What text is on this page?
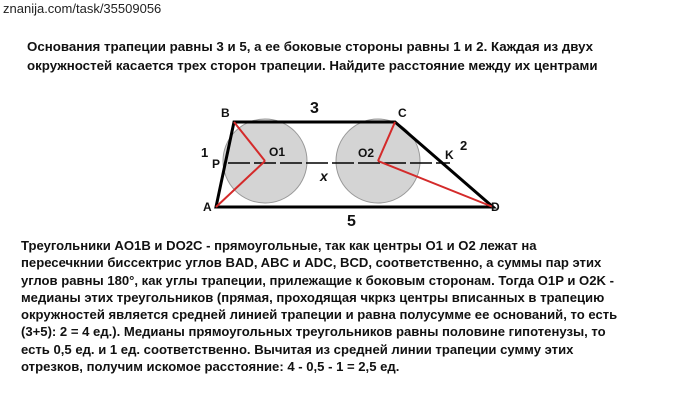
znanija.com/task/35509056
Основания трапеции равны 3 и 5, а ее боковые стороны равны 1 и 2. Каждая из двух
окружностей касается трех сторон трапеции. Найдите расстояние между их центрами
B	C
A	D
P
K
O1	O2
3
5
1	2
x
Треугольники AO1B и DO2C - прямоугольные, так как центры O1 и O2 лежат на
пересечкнии биссектрис углов BAD, ABC и ADC, BCD, соответственно, а суммы пар этих
углов равны 180°, как углы трапеции, прилежащие к боковым сторонам. Тогда O1P и O2K -
медианы этих треугольников (прямая, проходящая чкркз центры вписанных в трапецию
окружностей является средней линией трапеции и равна полусумме ее оснований, то есть
(3+5): 2 = 4 ед.). Медианы прямоугольных треугольников равны половине гипотенузы, то
есть 0,5 ед. и 1 ед. соответственно. Вычитая из средней линии трапеции сумму этих
отрезков, получим искомое расстояние: 4 - 0,5 - 1 = 2,5 ед.
